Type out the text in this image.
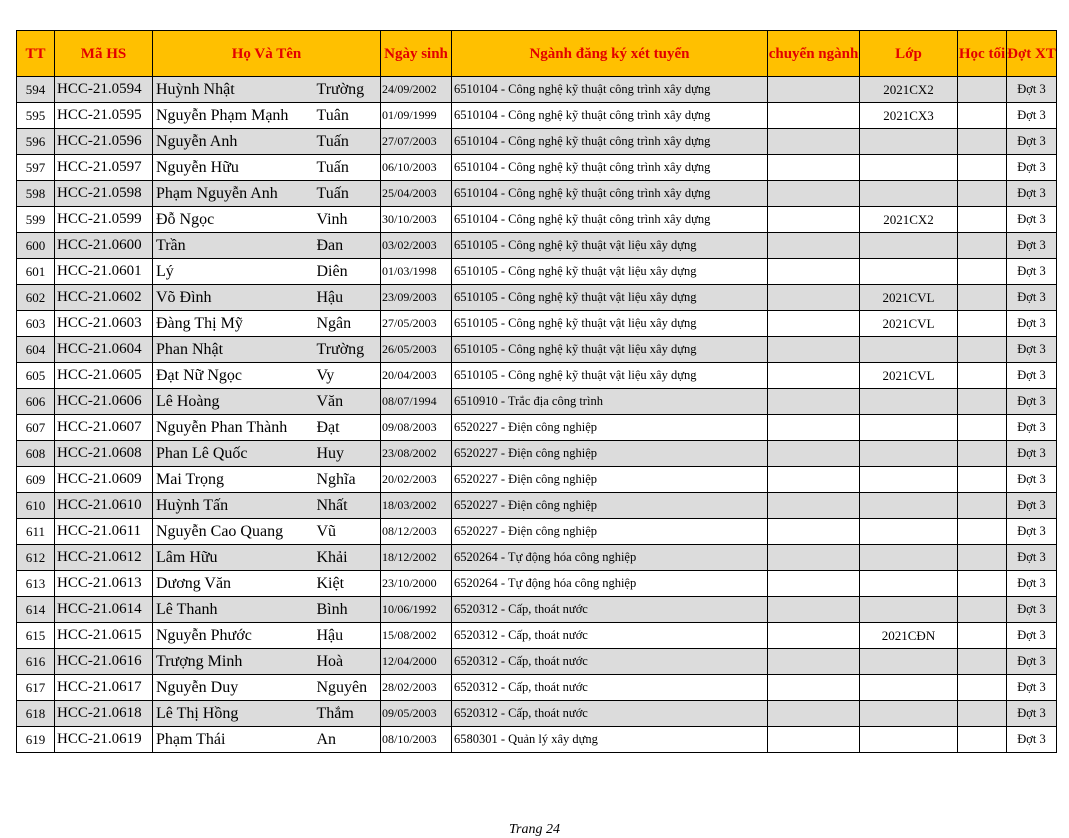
TT	Mã HS	Họ Và Tên		Ngày sinh	Ngành đăng ký xét tuyển	chuyển ngành	Lớp	Học tối	Đợt XT
594	HCC-21.0594	Huỳnh Nhật	Trường	24/09/2002	6510104 - Công nghệ kỹ thuật công trình xây dựng		2021CX2		Đợt 3
595	HCC-21.0595	Nguyễn Phạm Mạnh	Tuân	01/09/1999	6510104 - Công nghệ kỹ thuật công trình xây dựng		2021CX3		Đợt 3
596	HCC-21.0596	Nguyễn Anh	Tuấn	27/07/2003	6510104 - Công nghệ kỹ thuật công trình xây dựng				Đợt 3
597	HCC-21.0597	Nguyễn Hữu	Tuấn	06/10/2003	6510104 - Công nghệ kỹ thuật công trình xây dựng				Đợt 3
598	HCC-21.0598	Phạm Nguyễn Anh	Tuấn	25/04/2003	6510104 - Công nghệ kỹ thuật công trình xây dựng				Đợt 3
599	HCC-21.0599	Đỗ Ngọc	Vinh	30/10/2003	6510104 - Công nghệ kỹ thuật công trình xây dựng		2021CX2		Đợt 3
600	HCC-21.0600	Trần	Đan	03/02/2003	6510105 - Công nghệ kỹ thuật vật liệu xây dựng				Đợt 3
601	HCC-21.0601	Lý	Diên	01/03/1998	6510105 - Công nghệ kỹ thuật vật liệu xây dựng				Đợt 3
602	HCC-21.0602	Võ Đình	Hậu	23/09/2003	6510105 - Công nghệ kỹ thuật vật liệu xây dựng		2021CVL		Đợt 3
603	HCC-21.0603	Đàng Thị Mỹ	Ngân	27/05/2003	6510105 - Công nghệ kỹ thuật vật liệu xây dựng		2021CVL		Đợt 3
604	HCC-21.0604	Phan Nhật	Trường	26/05/2003	6510105 - Công nghệ kỹ thuật vật liệu xây dựng				Đợt 3
605	HCC-21.0605	Đạt Nữ Ngọc	Vy	20/04/2003	6510105 - Công nghệ kỹ thuật vật liệu xây dựng		2021CVL		Đợt 3
606	HCC-21.0606	Lê Hoàng	Văn	08/07/1994	6510910 - Trắc địa công trình				Đợt 3
607	HCC-21.0607	Nguyễn Phan Thành	Đạt	09/08/2003	6520227 - Điện công nghiệp				Đợt 3
608	HCC-21.0608	Phan Lê Quốc	Huy	23/08/2002	6520227 - Điện công nghiệp				Đợt 3
609	HCC-21.0609	Mai Trọng	Nghĩa	20/02/2003	6520227 - Điện công nghiệp				Đợt 3
610	HCC-21.0610	Huỳnh Tấn	Nhất	18/03/2002	6520227 - Điện công nghiệp				Đợt 3
611	HCC-21.0611	Nguyễn Cao Quang	Vũ	08/12/2003	6520227 - Điện công nghiệp				Đợt 3
612	HCC-21.0612	Lâm Hữu	Khải	18/12/2002	6520264 - Tự động hóa công nghiệp				Đợt 3
613	HCC-21.0613	Dương Văn	Kiệt	23/10/2000	6520264 - Tự động hóa công nghiệp				Đợt 3
614	HCC-21.0614	Lê Thanh	Bình	10/06/1992	6520312 - Cấp, thoát nước				Đợt 3
615	HCC-21.0615	Nguyễn Phước	Hậu	15/08/2002	6520312 - Cấp, thoát nước		2021CĐN		Đợt 3
616	HCC-21.0616	Trượng Minh	Hoà	12/04/2000	6520312 - Cấp, thoát nước				Đợt 3
617	HCC-21.0617	Nguyễn Duy	Nguyên	28/02/2003	6520312 - Cấp, thoát nước				Đợt 3
618	HCC-21.0618	Lê Thị Hồng	Thắm	09/05/2003	6520312 - Cấp, thoát nước				Đợt 3
619	HCC-21.0619	Phạm Thái	An	08/10/2003	6580301 - Quản lý xây dựng				Đợt 3
Trang 24
